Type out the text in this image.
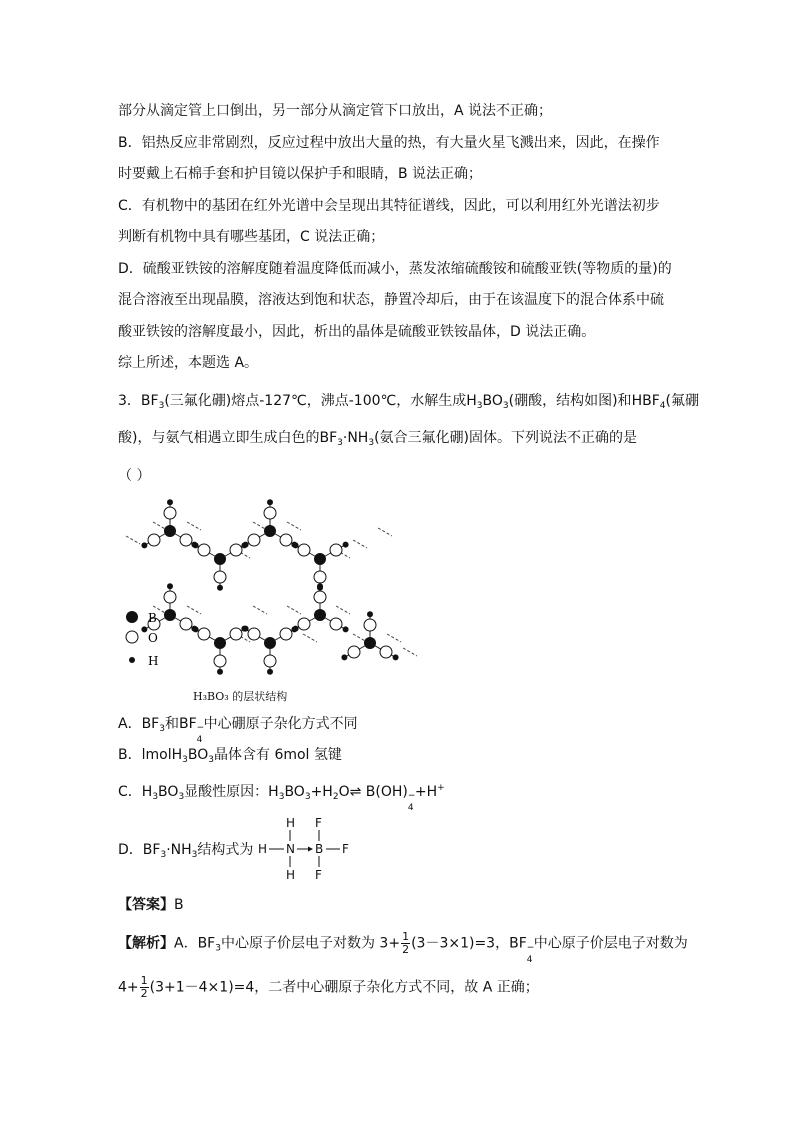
部分从滴定管上口倒出，另一部分从滴定管下口放出，A 说法不正确；
B．铝热反应非常剧烈，反应过程中放出大量的热，有大量火星飞溅出来，因此，在操作
时要戴上石棉手套和护目镜以保护手和眼睛，B 说法正确；
C．有机物中的基团在红外光谱中会呈现出其特征谱线，因此，可以利用红外光谱法初步
判断有机物中具有哪些基团，C 说法正确；
D．硫酸亚铁铵的溶解度随着温度降低而减小，蒸发浓缩硫酸铵和硫酸亚铁(等物质的量)的
混合溶液至出现晶膜，溶液达到饱和状态，静置冷却后，由于在该温度下的混合体系中硫
酸亚铁铵的溶解度最小，因此，析出的晶体是硫酸亚铁铵晶体，D 说法正确。
综上所述，本题选 A。
3．$BF_3$(三氟化硼)熔点-127℃，沸点-100℃，水解生成$H_3BO_3$(硼酸，结构如图)和$HBF_4$(氟硼
酸)，与氨气相遇立即生成白色的$BF_3\cdot NH_3$(氨合三氟化硼)固体。下列说法不正确的是
（ ）
B
O
H
H₃BO₃ 的层状结构
A．$BF_3$和BF
4
− 中心硼原子杂化方式不同
B．$lmolH_3BO_3$晶体含有 6mol 氢键
C．$H_3BO_3$显酸性原因：$H_3BO_3+H_2O\rightleftharpoons$ B(OH)
4
− +H+
D．$BF_3\cdot NH_3$结构式为
H
H N
H
F
B F
F
【答案】B
【解析】A．$BF_3$中心原子价层电子对数为 $3+ \frac{1}{2} (3-3\times 1)=3$，BF
4
− 中心原子价层电子对数为
$4+ \frac{1}{2} (3+1-4\times 1)=4$，二者中心硼原子杂化方式不同，故 A 正确；
